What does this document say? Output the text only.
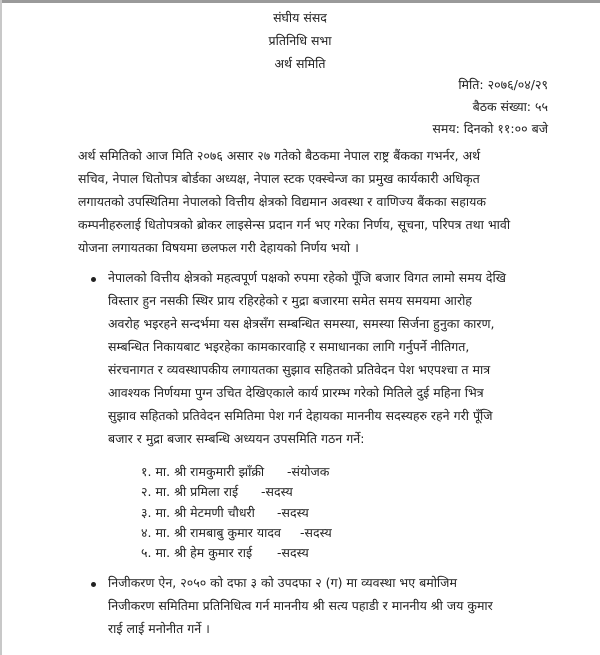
संघीय संसद
प्रतिनिधि सभा
अर्थ समिति
मिति: २०७६/०४/२९
बैठक संख्या: ५५
समय: दिनको ११:०० बजे
अर्थ समितिको आज मिति २०७६ असार २७ गतेको बैठकमा नेपाल राष्ट्र बैंकका गभर्नर, अर्थ
सचिव, नेपाल धितोपत्र बोर्डका अध्यक्ष, नेपाल स्टक एक्स्चेन्ज का प्रमुख कार्यकारी अधिकृत
लगायतको उपस्थितिमा नेपालको वित्तीय क्षेत्रको विद्यमान अवस्था र वाणिज्य बैंकका सहायक
कम्पनीहरुलाई धितोपत्रको ब्रोकर लाइसेन्स प्रदान गर्न भए गरेका निर्णय, सूचना, परिपत्र तथा भावी
योजना लगायतका विषयमा छलफल गरी देहायको निर्णय भयो ।
नेपालको वित्तीय क्षेत्रको महत्वपूर्ण पक्षको रुपमा रहेको पूँजि बजार विगत लामो समय देखि
विस्तार हुन नसकी स्थिर प्राय रहिरहेको र मुद्रा बजारमा समेत समय समयमा आरोह
अवरोह भइरहने सन्दर्भमा यस क्षेत्रसँग सम्बन्धित समस्या, समस्या सिर्जना हुनुका कारण,
सम्बन्धित निकायबाट भइरहेका कामकारवाहि र समाधानका लागि गर्नुपर्ने नीतिगत,
संरचनागत र व्यवस्थापकीय लगायतका सुझाव सहितको प्रतिवेदन पेश भएपश्चा त मात्र
आवश्यक निर्णयमा पुग्न उचित देखिएकाले कार्य प्रारम्भ गरेको मितिले दुई महिना भित्र
सुझाव सहितको प्रतिवेदन समितिमा पेश गर्न देहायका माननीय सदस्यहरु रहने गरी पूँजि
बजार र मुद्रा बजार सम्बन्धि अध्ययन उपसमिति गठन गर्ने:
१. मा. श्री रामकुमारी झाँक्री -संयोजक
२. मा. श्री प्रमिला राई -सदस्य
३. मा. श्री मेटमणी चौधरी -सदस्य
४. मा. श्री रामबाबु कुमार यादव -सदस्य
५. मा. श्री हेम कुमार राई -सदस्य
निजीकरण ऐन, २०५० को दफा ३ को उपदफा २ (ग) मा व्यवस्था भए बमोजिम
निजीकरण समितिमा प्रतिनिधित्व गर्न माननीय श्री सत्य पहाडी र माननीय श्री जय कुमार
राई लाई मनोनीत गर्ने ।
